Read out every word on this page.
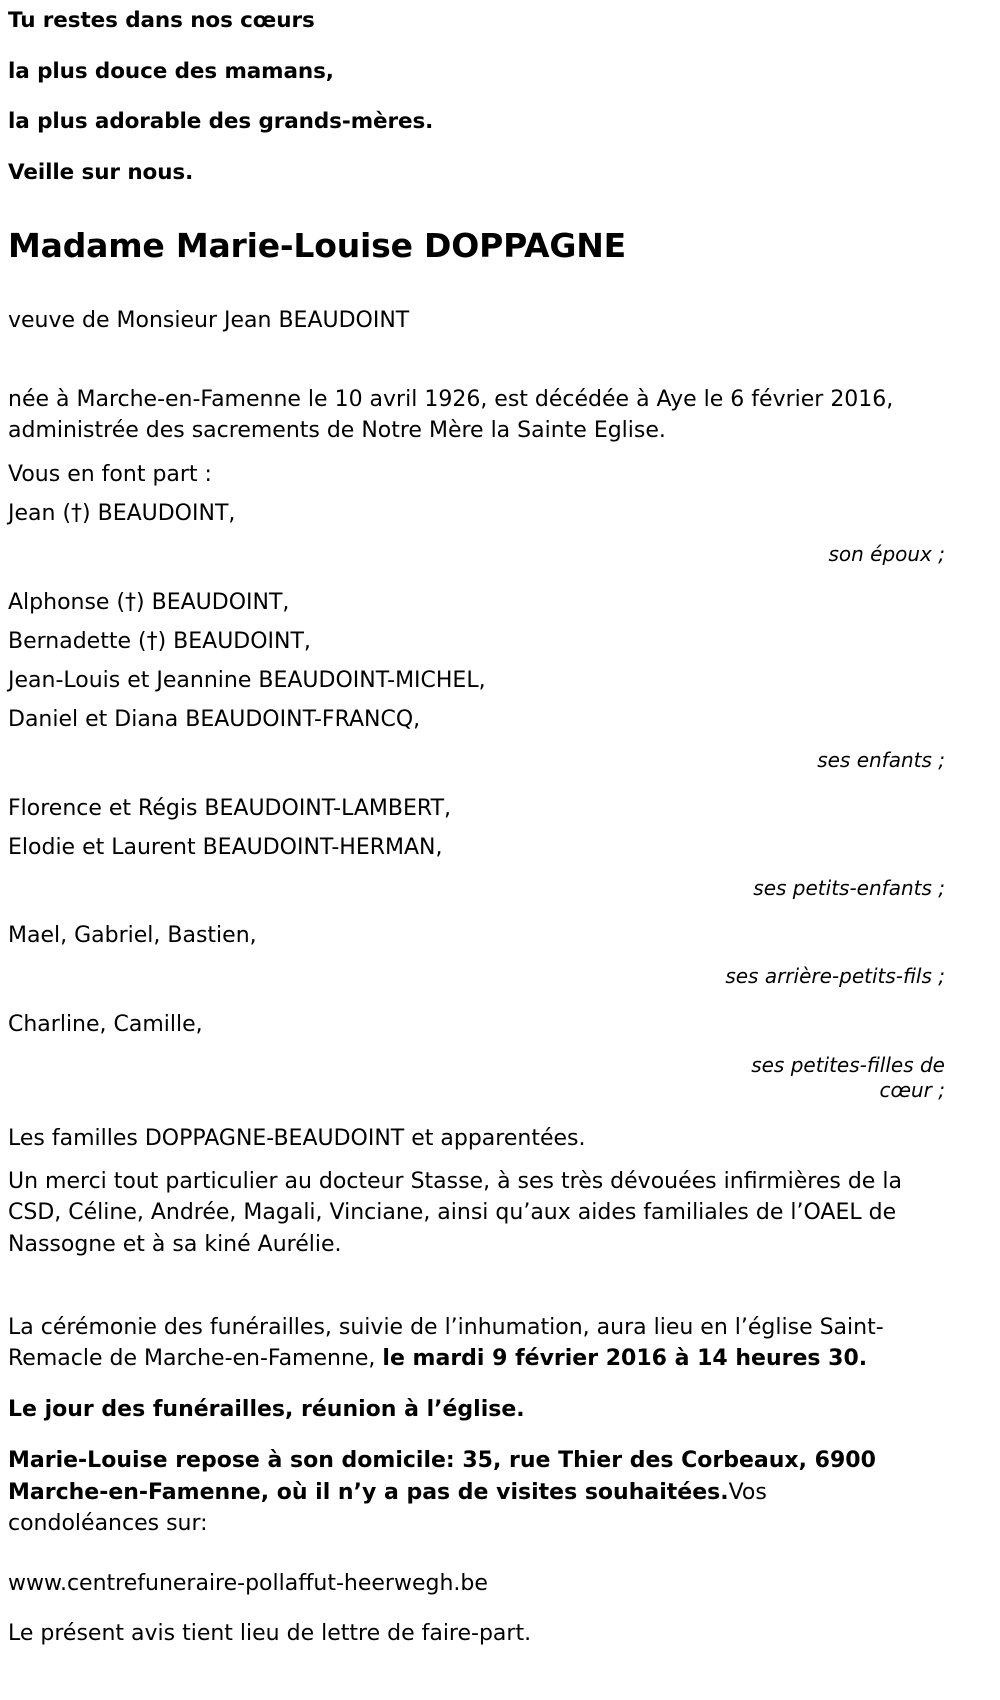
Tu restes dans nos cœurs

la plus douce des mamans,

la plus adorable des grands-mères.

Veille sur nous.

Madame Marie-Louise DOPPAGNE

veuve de Monsieur Jean BEAUDOINT

née à Marche-en-Famenne le 10 avril 1926, est décédée à Aye le 6 février 2016, administrée des sacrements de Notre Mère la Sainte Eglise.

Vous en font part :

Jean (†) BEAUDOINT,

son époux ;

Alphonse (†) BEAUDOINT,

Bernadette (†) BEAUDOINT,

Jean-Louis et Jeannine BEAUDOINT-MICHEL,

Daniel et Diana BEAUDOINT-FRANCQ,

ses enfants ;

Florence et Régis BEAUDOINT-LAMBERT,

Elodie et Laurent BEAUDOINT-HERMAN,

ses petits-enfants ;

Mael, Gabriel, Bastien,

ses arrière-petits-fils ;

Charline, Camille,

ses petites-filles de cœur ;

Les familles DOPPAGNE-BEAUDOINT et apparentées.

Un merci tout particulier au docteur Stasse, à ses très dévouées infirmières de la CSD, Céline, Andrée, Magali, Vinciane, ainsi qu’aux aides familiales de l’OAEL de Nassogne et à sa kiné Aurélie.

La cérémonie des funérailles, suivie de l’inhumation, aura lieu en l’église Saint-Remacle de Marche-en-Famenne, le mardi 9 février 2016 à 14 heures 30.

Le jour des funérailles, réunion à l’église.

Marie-Louise repose à son domicile: 35, rue Thier des Corbeaux, 6900 Marche-en-Famenne, où il n’y a pas de visites souhaitées.Vos condoléances sur:

www.centrefuneraire-pollaffut-heerwegh.be

Le présent avis tient lieu de lettre de faire-part.
